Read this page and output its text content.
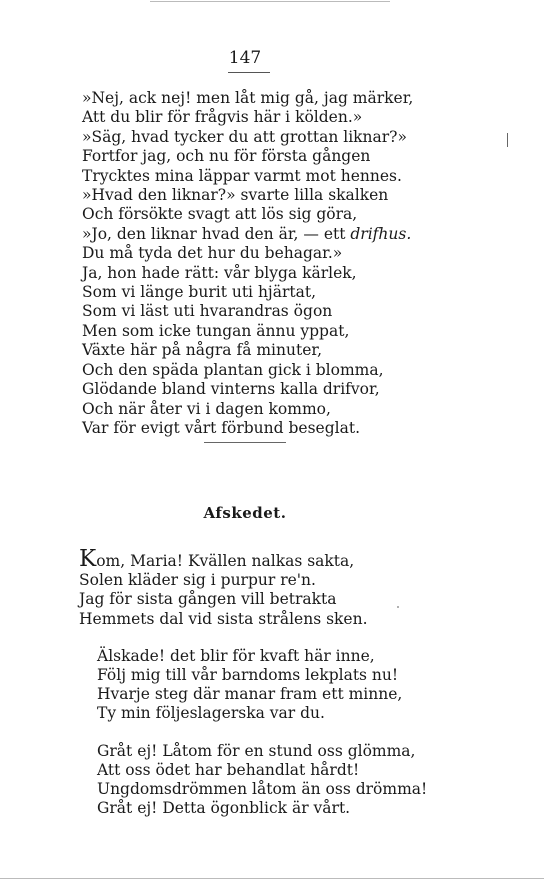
147
»Nej, ack nej! men låt mig gå, jag märker,
Att du blir för frågvis här i kölden.»
»Säg, hvad tycker du att grottan liknar?»
Fortfor jag, och nu för första gången
Trycktes mina läppar varmt mot hennes.
»Hvad den liknar?» svarte lilla skalken
Och försökte svagt att lös sig göra,
»Jo, den liknar hvad den är, — ett drifhus.
Du må tyda det hur du behagar.»
Ja, hon hade rätt: vår blyga kärlek,
Som vi länge burit uti hjärtat,
Som vi läst uti hvarandras ögon
Men som icke tungan ännu yppat,
Växte här på några få minuter,
Och den späda plantan gick i blomma,
Glödande bland vinterns kalla drifvor,
Och när åter vi i dagen kommo,
Var för evigt vårt förbund beseglat.
Afskedet.
Kom, Maria! Kvällen nalkas sakta,
Solen kläder sig i purpur re'n.
Jag för sista gången vill betrakta
Hemmets dal vid sista strålens sken.
Älskade! det blir för kvaft här inne,
Följ mig till vår barndoms lekplats nu!
Hvarje steg där manar fram ett minne,
Ty min följeslagerska var du.
Gråt ej! Låtom för en stund oss glömma,
Att oss ödet har behandlat hårdt!
Ungdomsdrömmen låtom än oss drömma!
Gråt ej! Detta ögonblick är vårt.
